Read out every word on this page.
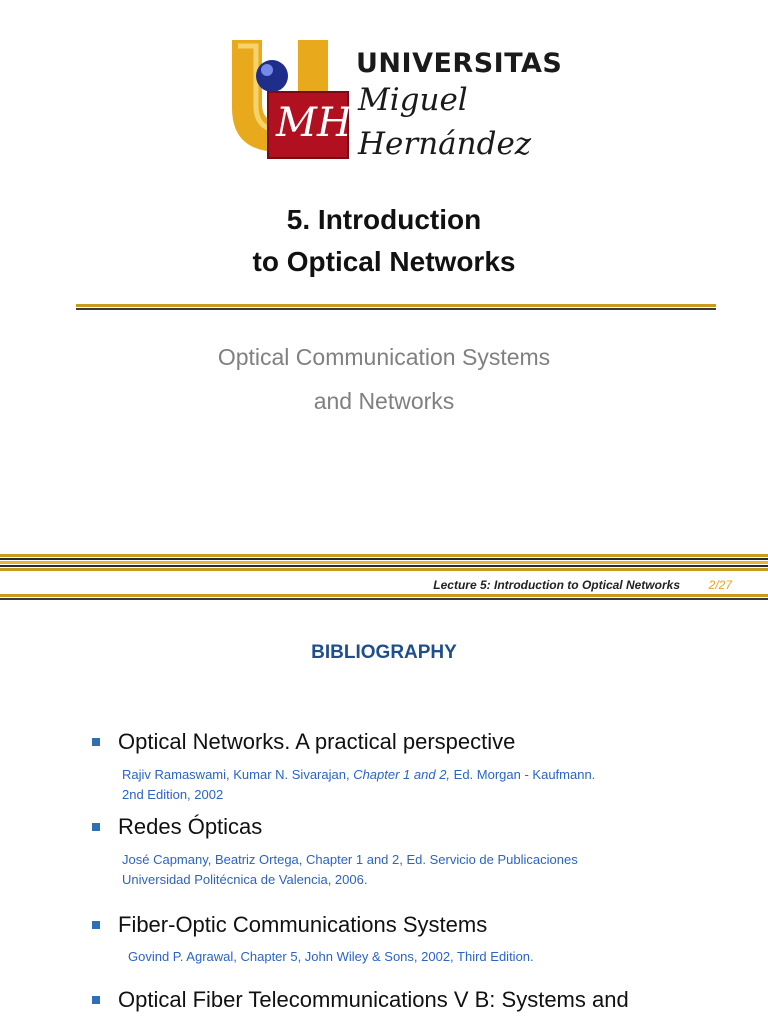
MH
UNIVERSITAS
Miguel
Hernández
5. Introduction
to Optical Networks
Optical Communication Systems
and Networks
Lecture 5: Introduction to Optical Networks 2/27
BIBLIOGRAPHY
Optical Networks. A practical perspective
Rajiv Ramaswami, Kumar N. Sivarajan, Chapter 1 and 2, Ed. Morgan - Kaufmann.
2nd Edition, 2002
Redes Ópticas
José Capmany, Beatriz Ortega, Chapter 1 and 2, Ed. Servicio de Publicaciones
Universidad Politécnica de Valencia, 2006.
Fiber-Optic Communications Systems
Govind P. Agrawal, Chapter 5, John Wiley & Sons, 2002, Third Edition.
Optical Fiber Telecommunications V B: Systems and
